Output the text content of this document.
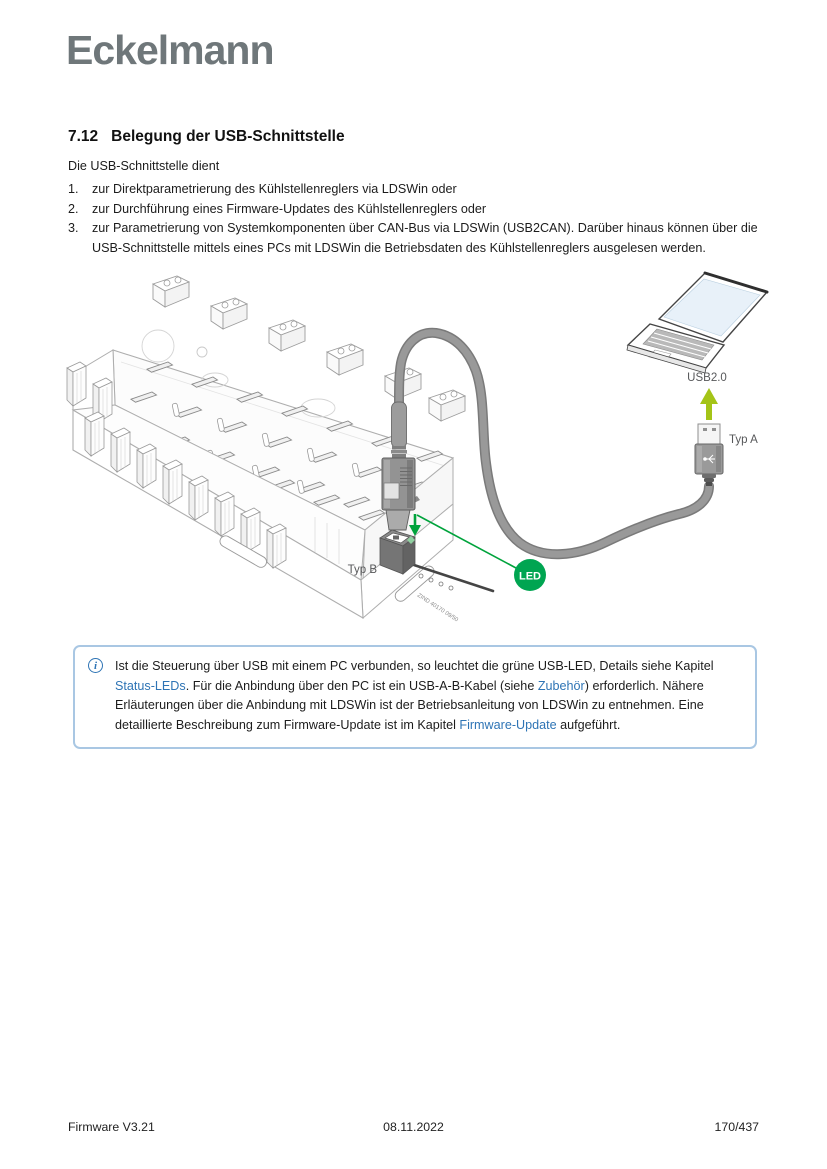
Eckelmann
7.12 Belegung der USB-Schnittstelle

Die USB-Schnittstelle dient

1.	zur Direktparametrierung des Kühlstellenreglers via LDSWin oder
2.	zur Durchführung eines Firmware-Updates des Kühlstellenreglers oder
3.	zur Parametrierung von Systemkomponenten über CAN-Bus via LDSWin (USB2CAN). Darüber hinaus können über die USB-Schnittstelle mittels eines PCs mit LDSWin die Betriebsdaten des Kühlstellenreglers ausgelesen werden.
ZIND 40170 09/50
LED
Typ B
USB2.0
Typ A
i	Ist die Steuerung über USB mit einem PC verbunden, so leuchtet die grüne USB-LED, Details siehe Kapitel Status-LEDs. Für die Anbindung über den PC ist ein USB-A-B-Kabel (siehe Zubehör) erforderlich. Nähere Erläuterungen über die Anbindung mit LDSWin ist der Betriebsanleitung von LDSWin zu entnehmen. Eine detaillierte Beschreibung zum Firmware-Update ist im Kapitel Firmware-Update aufgeführt.

Firmware V3.21	08.11.2022	170/437
